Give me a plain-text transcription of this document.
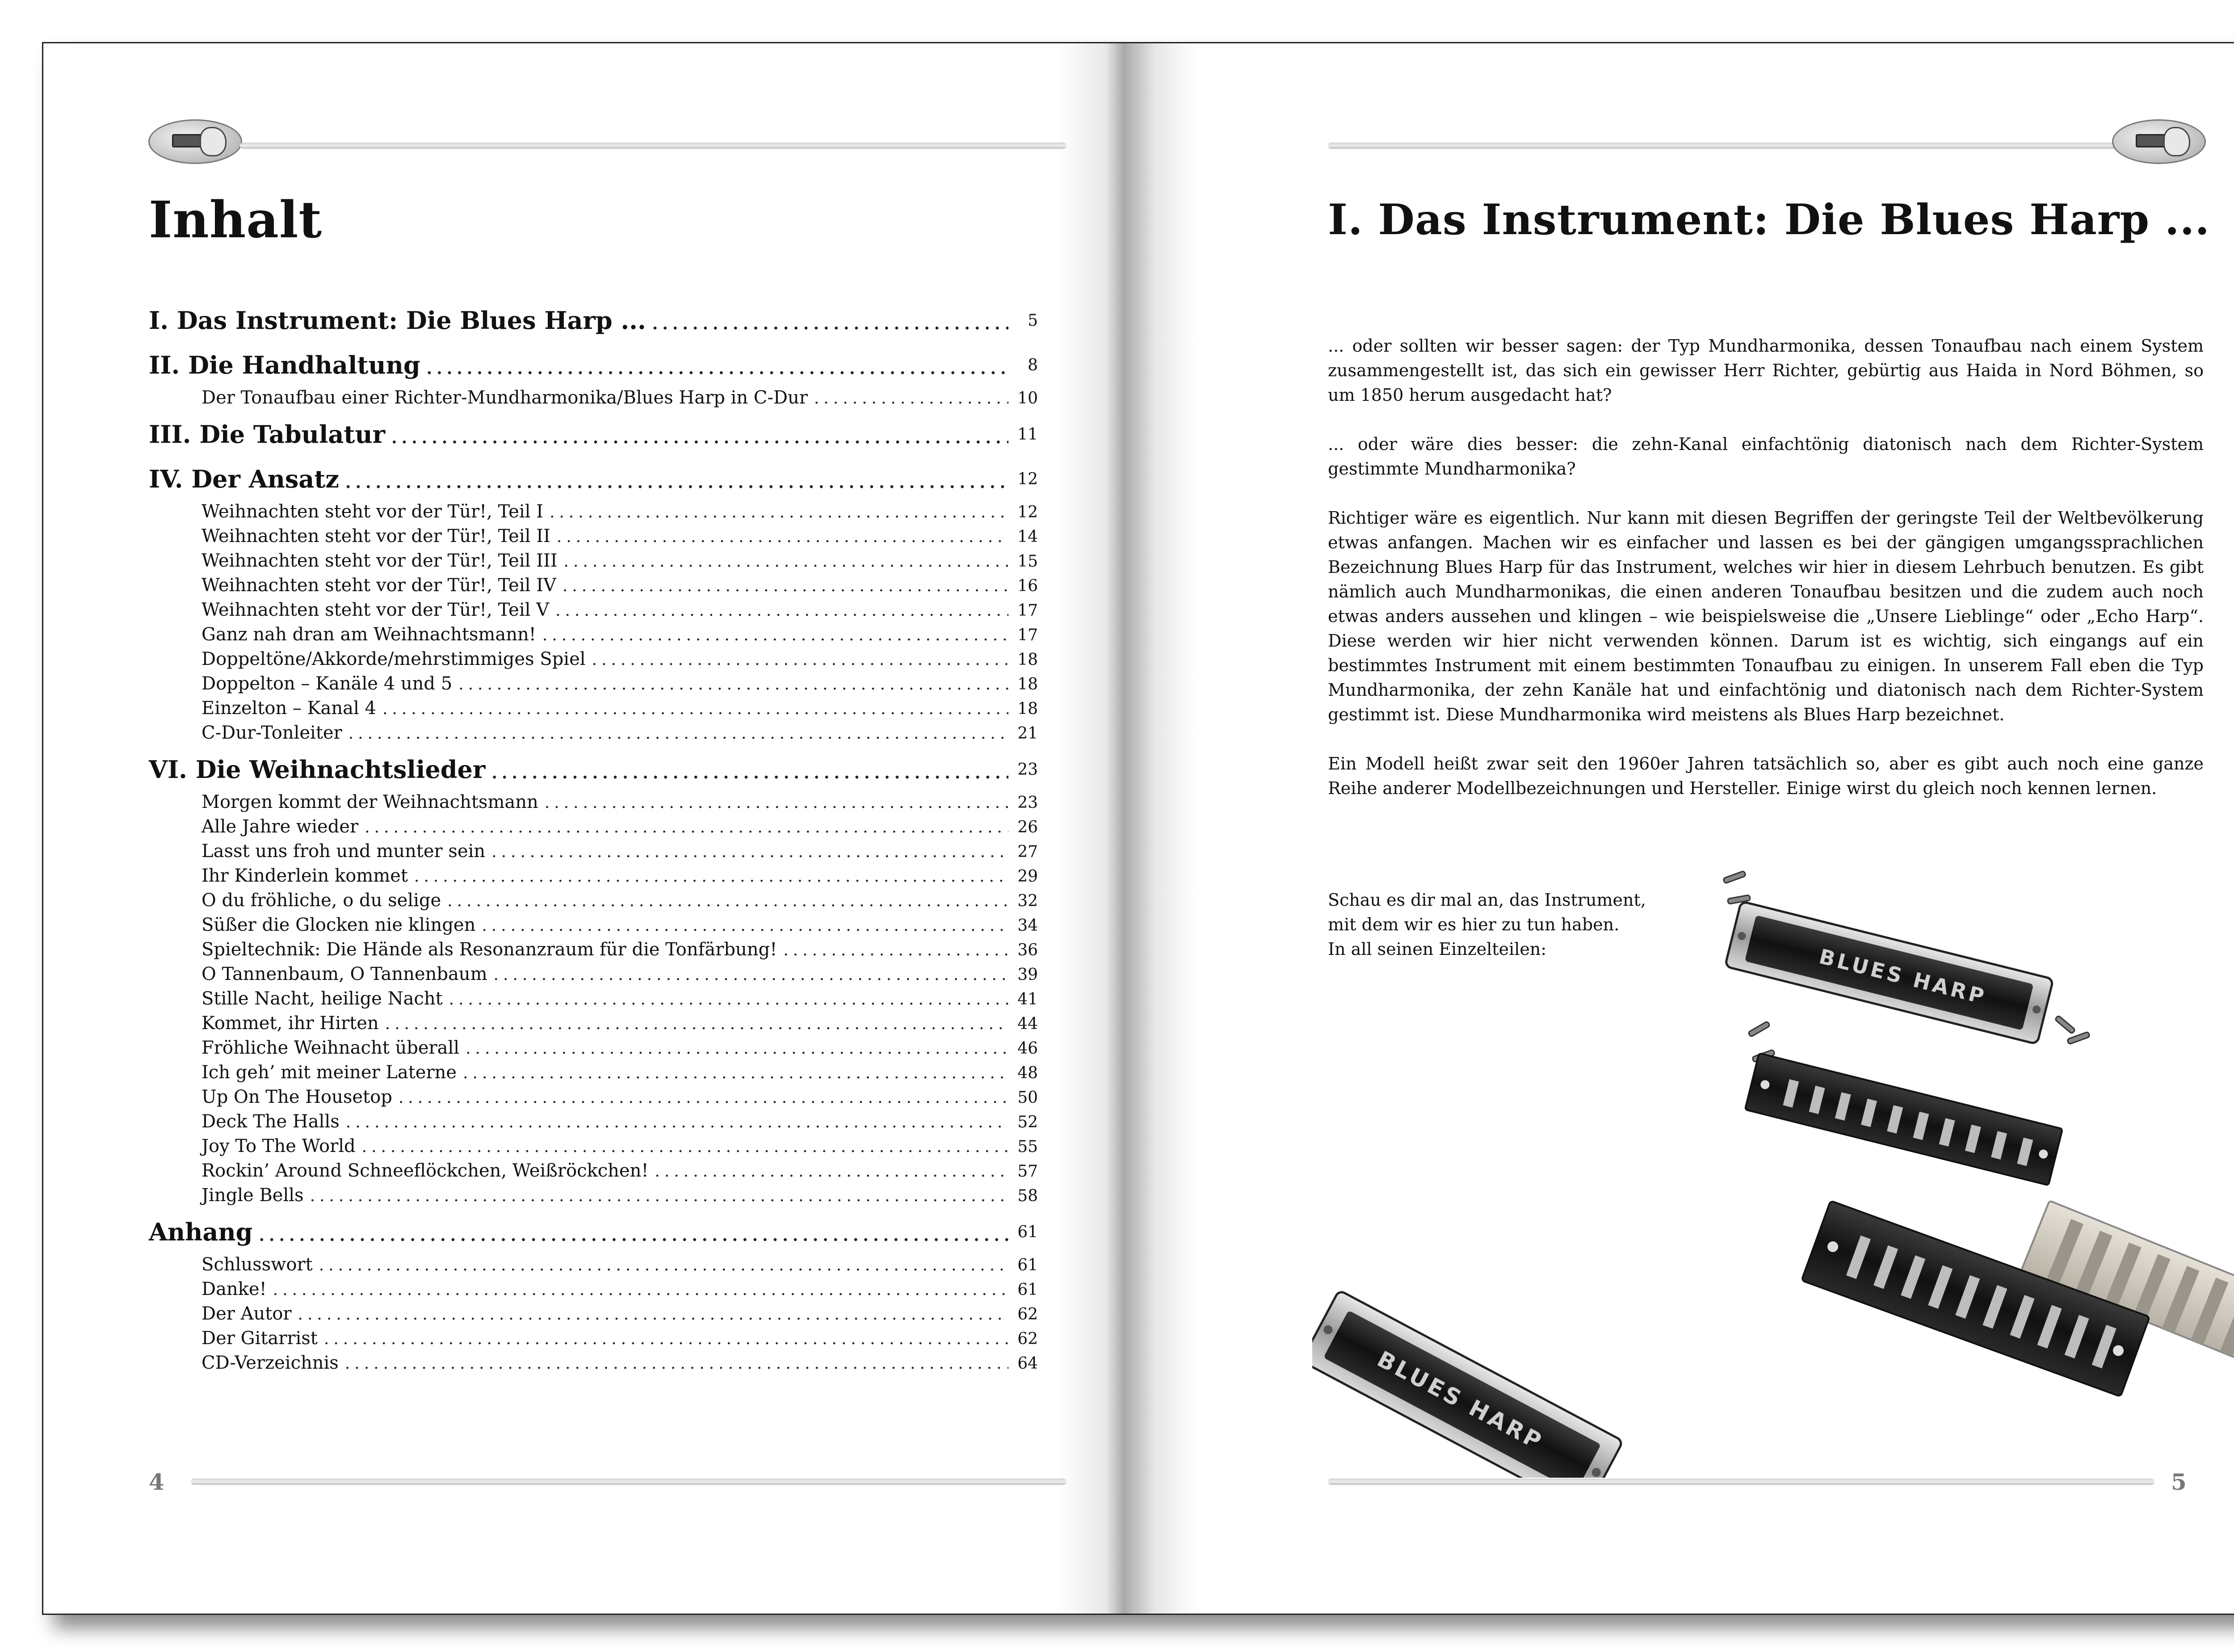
Inhalt
I. Das Instrument: Die Blues Harp ... .....	5
II. Die Handhaltung .....	8
Der Tonaufbau einer Richter-Mundharmonika/Blues Harp in C-Dur .....	10
III. Die Tabulatur .....	11
IV. Der Ansatz .....	12
Weihnachten steht vor der Tür!, Teil I .....	12
Weihnachten steht vor der Tür!, Teil II .....	14
Weihnachten steht vor der Tür!, Teil III .....	15
Weihnachten steht vor der Tür!, Teil IV .....	16
Weihnachten steht vor der Tür!, Teil V .....	17
Ganz nah dran am Weihnachtsmann! .....	17
Doppeltöne/Akkorde/mehrstimmiges Spiel .....	18
Doppelton – Kanäle 4 und 5 .....	18
Einzelton – Kanal 4 .....	18
C-Dur-Tonleiter .....	21
VI. Die Weihnachtslieder .....	23
Morgen kommt der Weihnachtsmann .....	23
Alle Jahre wieder .....	26
Lasst uns froh und munter sein .....	27
Ihr Kinderlein kommet .....	29
O du fröhliche, o du selige .....	32
Süßer die Glocken nie klingen .....	34
Spieltechnik: Die Hände als Resonanzraum für die Tonfärbung! .....	36
O Tannenbaum, O Tannenbaum .....	39
Stille Nacht, heilige Nacht .....	41
Kommet, ihr Hirten .....	44
Fröhliche Weihnacht überall .....	46
Ich geh’ mit meiner Laterne .....	48
Up On The Housetop .....	50
Deck The Halls .....	52
Joy To The World .....	55
Rockin’ Around Schneeflöckchen, Weißröckchen! .....	57
Jingle Bells .....	58
Anhang .....	61
Schlusswort .....	61
Danke! .....	61
Der Autor .....	62
Der Gitarrist .....	62
CD-Verzeichnis .....	64
4
I. Das Instrument: Die Blues Harp ...

... oder sollten wir besser sagen: der Typ Mundharmonika, dessen Tonaufbau nach einem System zusammengestellt ist, das sich ein gewisser Herr Richter, gebürtig aus Haida in Nord Böhmen, so um 1850 herum ausgedacht hat?

... oder wäre dies besser: die zehn-Kanal einfachtönig diatonisch nach dem Richter-System gestimmte Mundharmonika?

Richtiger wäre es eigentlich. Nur kann mit diesen Begriffen der geringste Teil der Weltbevölkerung etwas anfangen. Machen wir es einfacher und lassen es bei der gängigen umgangssprachlichen Bezeichnung Blues Harp für das Instrument, welches wir hier in diesem Lehrbuch benutzen. Es gibt nämlich auch Mundharmonikas, die einen anderen Tonaufbau besitzen und die zudem auch noch etwas anders aussehen und klingen – wie beispielsweise die „Unsere Lieblinge“ oder „Echo Harp“. Diese werden wir hier nicht verwenden können. Darum ist es wichtig, sich eingangs auf ein bestimmtes Instrument mit einem bestimmten Tonaufbau zu einigen. In unserem Fall eben die Typ Mundharmonika, der zehn Kanäle hat und einfachtönig und diatonisch nach dem Richter-System gestimmt ist. Diese Mundharmonika wird meistens als Blues Harp bezeichnet.

Ein Modell heißt zwar seit den 1960er Jahren tatsächlich so, aber es gibt auch noch eine ganze Reihe anderer Modellbezeichnungen und Hersteller. Einige wirst du gleich noch kennen lernen.

Schau es dir mal an, das Instrument,
mit dem wir es hier zu tun haben.
In all seinen Einzelteilen:	BLUES HARP
BLUES HARP
5
